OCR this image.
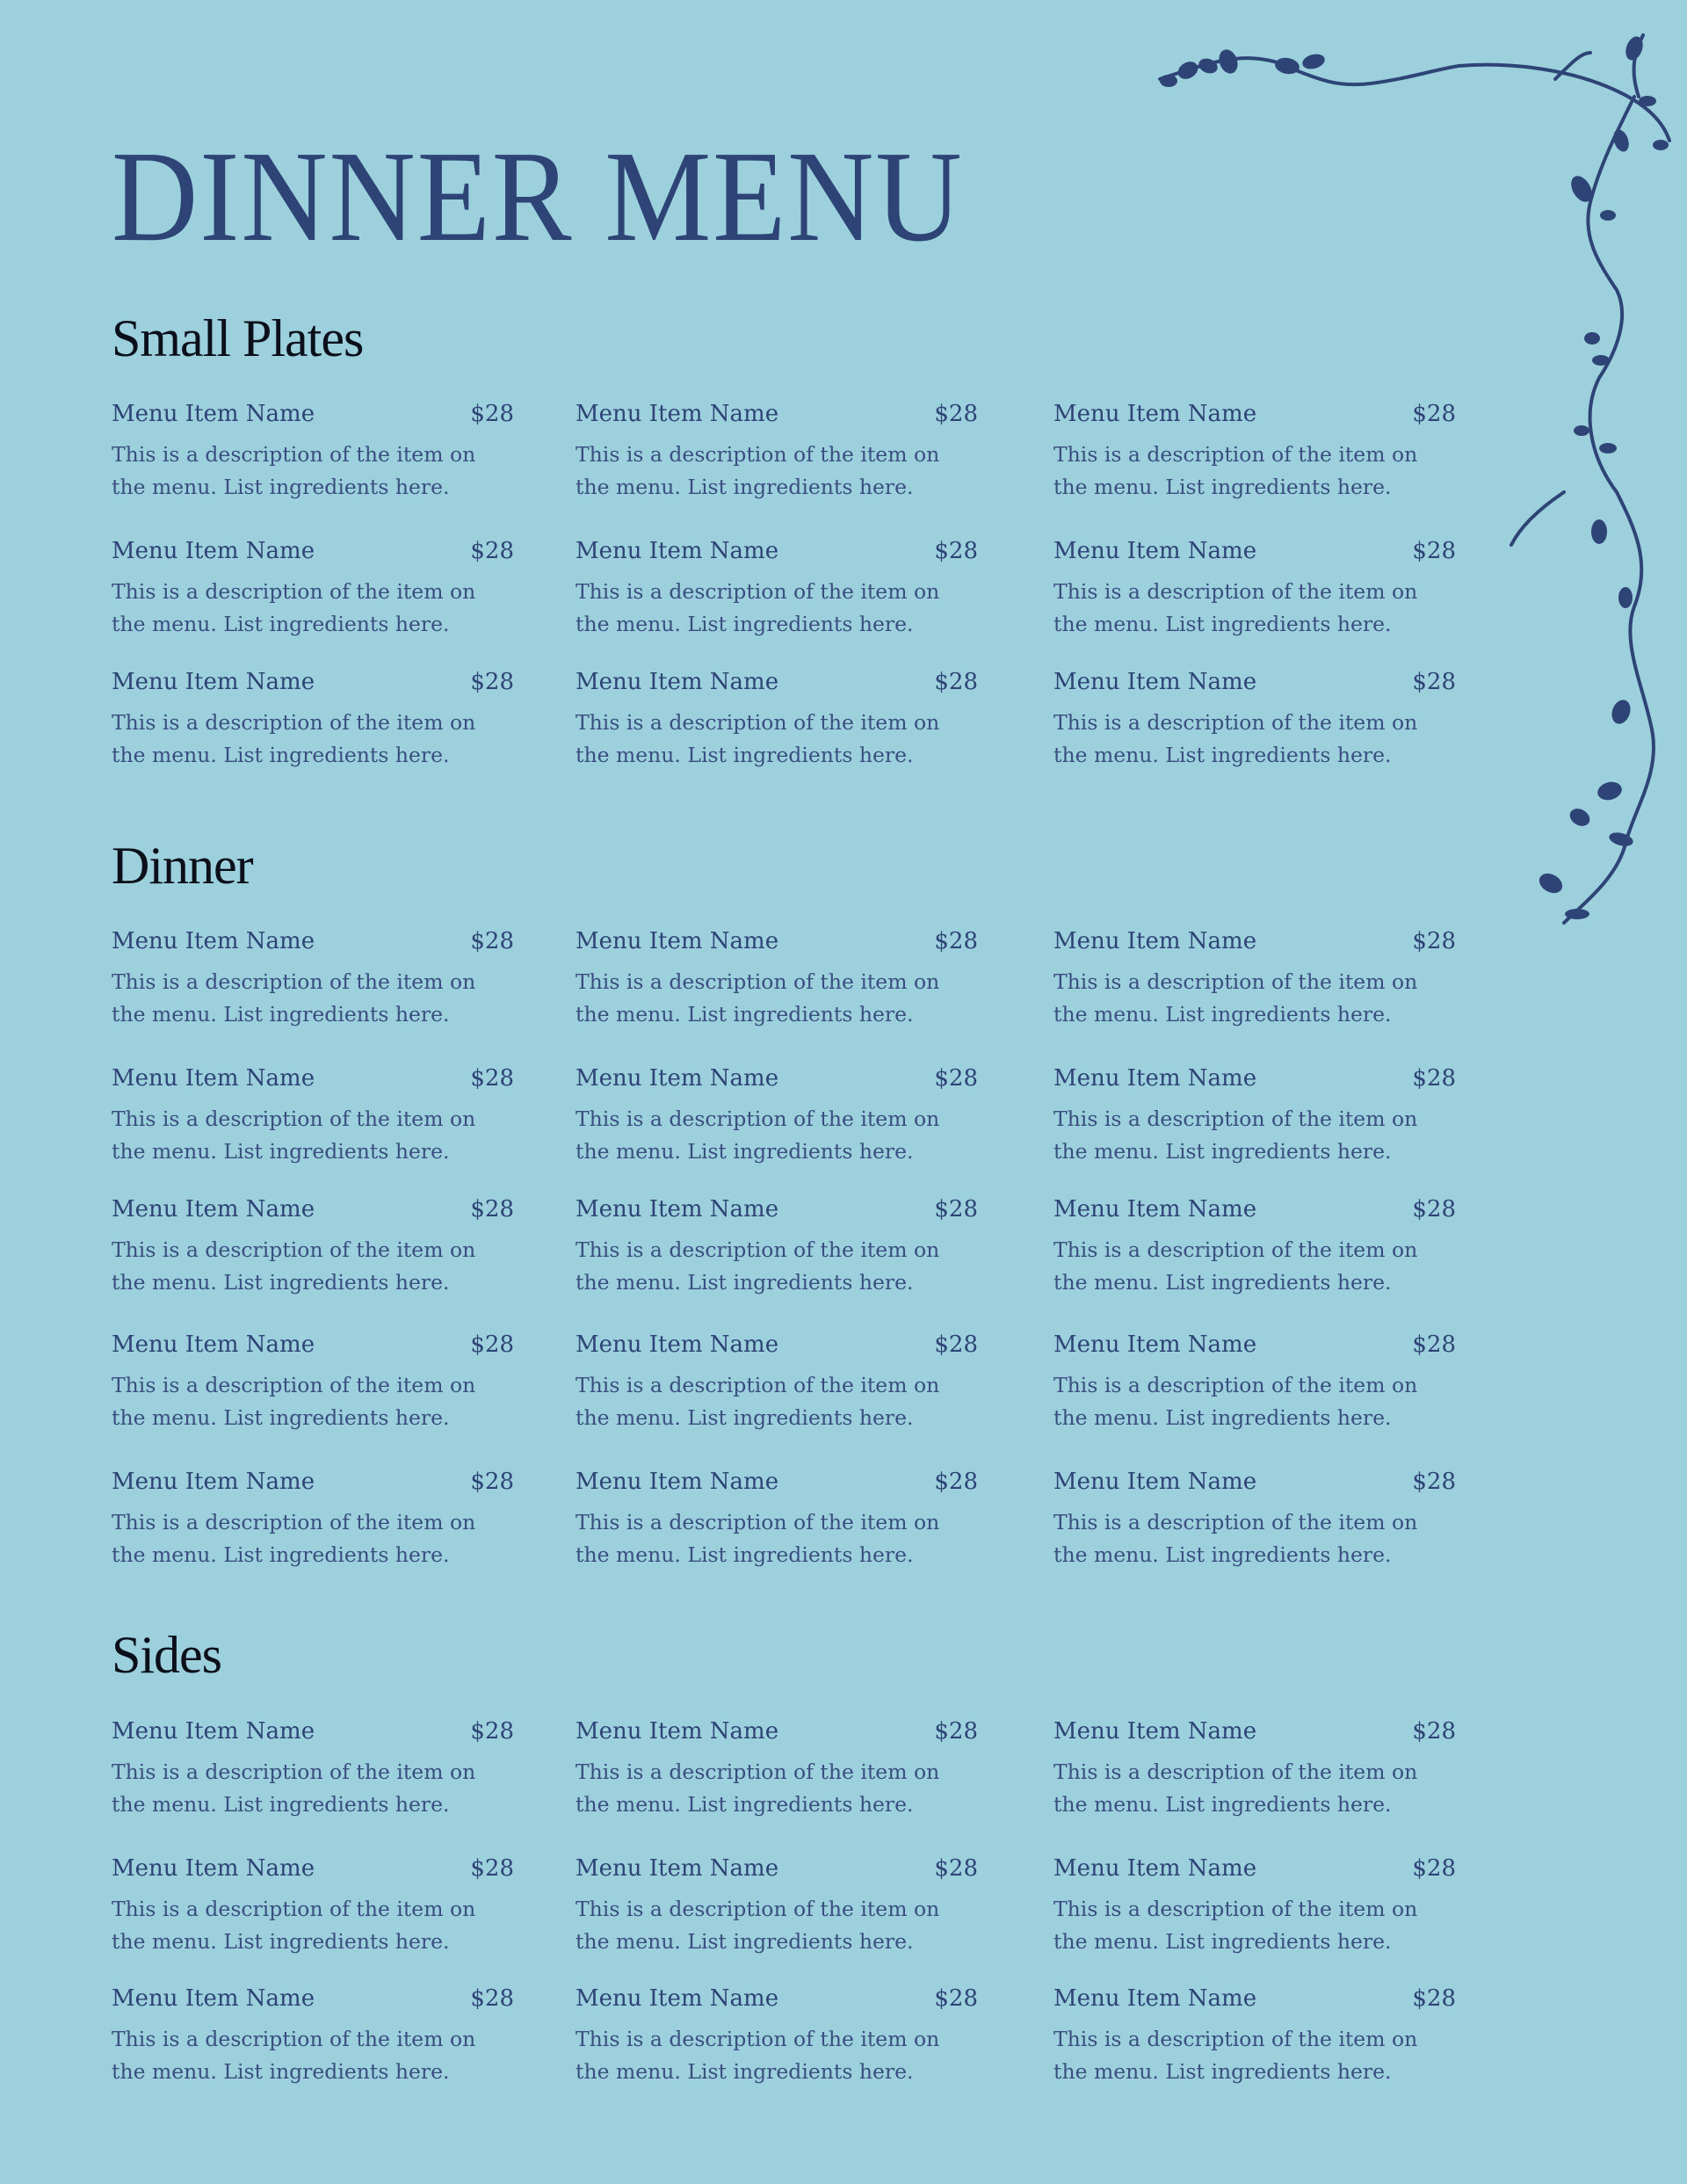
DINNER MENU
Small Plates
Dinner
Sides
Menu Item Name	$28
This is a description of the item on the menu. List ingredients here.
Menu Item Name	$28
This is a description of the item on the menu. List ingredients here.
Menu Item Name	$28
This is a description of the item on the menu. List ingredients here.
Menu Item Name	$28
This is a description of the item on the menu. List ingredients here.
Menu Item Name	$28
This is a description of the item on the menu. List ingredients here.
Menu Item Name	$28
This is a description of the item on the menu. List ingredients here.
Menu Item Name	$28
This is a description of the item on the menu. List ingredients here.
Menu Item Name	$28
This is a description of the item on the menu. List ingredients here.
Menu Item Name	$28
This is a description of the item on the menu. List ingredients here.
Menu Item Name	$28
This is a description of the item on the menu. List ingredients here.
Menu Item Name	$28
This is a description of the item on the menu. List ingredients here.
Menu Item Name	$28
This is a description of the item on the menu. List ingredients here.
Menu Item Name	$28
This is a description of the item on the menu. List ingredients here.
Menu Item Name	$28
This is a description of the item on the menu. List ingredients here.
Menu Item Name	$28
This is a description of the item on the menu. List ingredients here.
Menu Item Name	$28
This is a description of the item on the menu. List ingredients here.
Menu Item Name	$28
This is a description of the item on the menu. List ingredients here.
Menu Item Name	$28
This is a description of the item on the menu. List ingredients here.
Menu Item Name	$28
This is a description of the item on the menu. List ingredients here.
Menu Item Name	$28
This is a description of the item on the menu. List ingredients here.
Menu Item Name	$28
This is a description of the item on the menu. List ingredients here.
Menu Item Name	$28
This is a description of the item on the menu. List ingredients here.
Menu Item Name	$28
This is a description of the item on the menu. List ingredients here.
Menu Item Name	$28
This is a description of the item on the menu. List ingredients here.
Menu Item Name	$28
This is a description of the item on the menu. List ingredients here.
Menu Item Name	$28
This is a description of the item on the menu. List ingredients here.
Menu Item Name	$28
This is a description of the item on the menu. List ingredients here.
Menu Item Name	$28
This is a description of the item on the menu. List ingredients here.
Menu Item Name	$28
This is a description of the item on the menu. List ingredients here.
Menu Item Name	$28
This is a description of the item on the menu. List ingredients here.
Menu Item Name	$28
This is a description of the item on the menu. List ingredients here.
Menu Item Name	$28
This is a description of the item on the menu. List ingredients here.
Menu Item Name	$28
This is a description of the item on the menu. List ingredients here.
